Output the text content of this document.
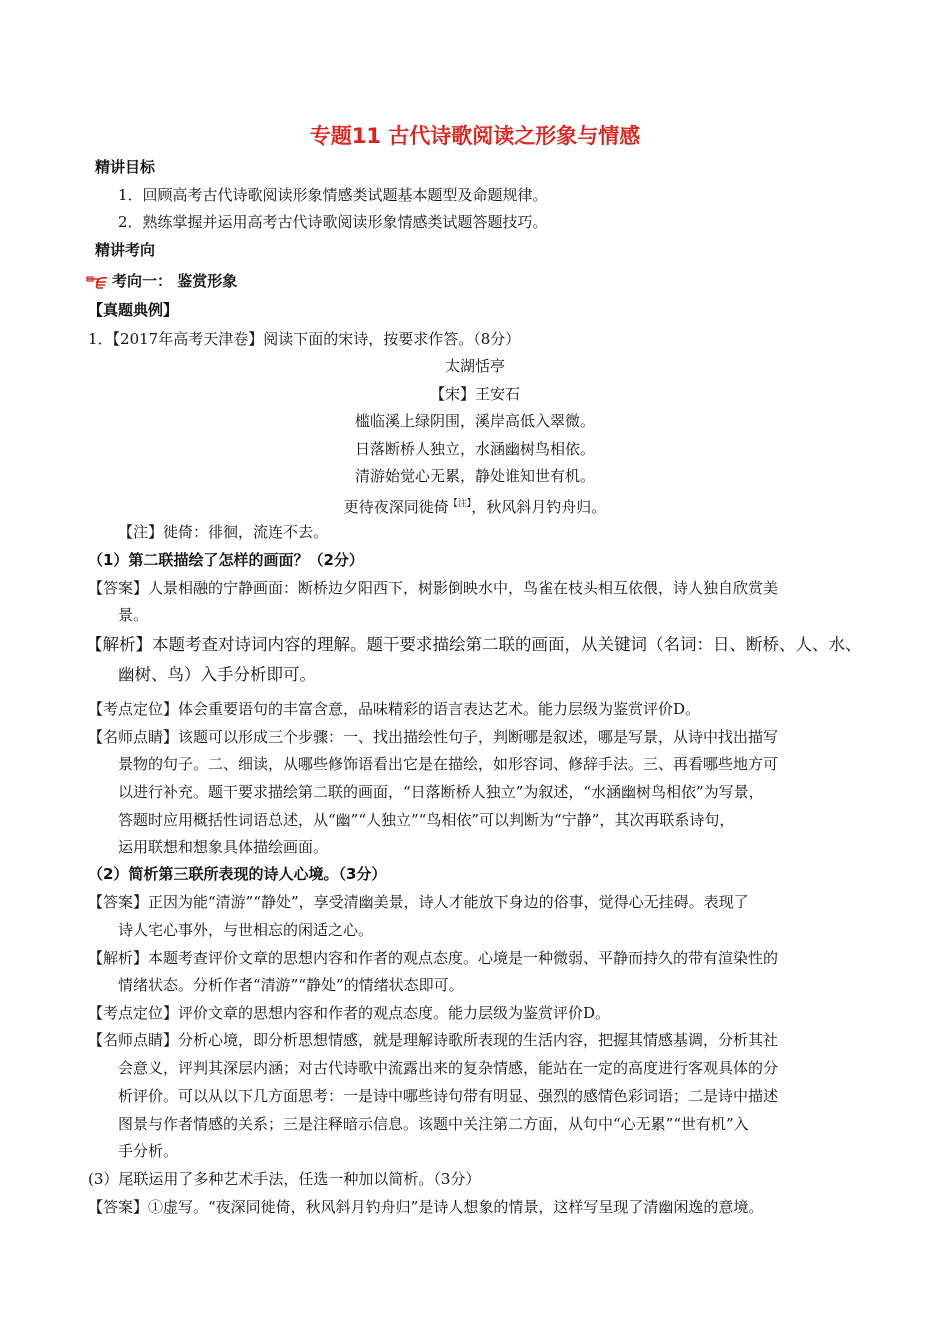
专题11 古代诗歌阅读之形象与情感
精讲目标
1．回顾高考古代诗歌阅读形象情感类试题基本题型及命题规律。
2．熟练掌握并运用高考古代诗歌阅读形象情感类试题答题技巧。
精讲考向
考向一： 鉴赏形象
【真题典例】
1．【2017年高考天津卷】阅读下面的宋诗，按要求作答。（8分）
太湖恬亭
【宋】王安石
槛临溪上绿阴围，溪岸高低入翠微。
日落断桥人独立，水涵幽树鸟相依。
清游始觉心无累，静处谁知世有机。
更待夜深同徙倚$^{【注】}$，秋风斜月钓舟归。
【注】徙倚：徘徊，流连不去。
（1）第二联描绘了怎样的画面？（2分）
【答案】人景相融的宁静画面：断桥边夕阳西下，树影倒映水中，鸟雀在枝头相互依偎，诗人独自欣赏美
景。
【解析】本题考查对诗词内容的理解。题干要求描绘第二联的画面，从关键词（名词：日、断桥、人、水、
幽树、鸟）入手分析即可。
【考点定位】体会重要语句的丰富含意，品味精彩的语言表达艺术。能力层级为鉴赏评价D。
【名师点睛】该题可以形成三个步骤：一、找出描绘性句子，判断哪是叙述，哪是写景，从诗中找出描写
景物的句子。二、细读，从哪些修饰语看出它是在描绘，如形容词、修辞手法。三、再看哪些地方可
以进行补充。题干要求描绘第二联的画面，“日落断桥人独立”为叙述，“水涵幽树鸟相依”为写景，
答题时应用概括性词语总述，从“幽”“人独立”“鸟相依”可以判断为“宁静”，其次再联系诗句，
运用联想和想象具体描绘画面。
（2）简析第三联所表现的诗人心境。（3分）
【答案】正因为能“清游”“静处”，享受清幽美景，诗人才能放下身边的俗事，觉得心无挂碍。表现了
诗人宅心事外，与世相忘的闲适之心。
【解析】本题考查评价文章的思想内容和作者的观点态度。心境是一种微弱、平静而持久的带有渲染性的
情绪状态。分析作者“清游”“静处”的情绪状态即可。
【考点定位】评价文章的思想内容和作者的观点态度。能力层级为鉴赏评价D。
【名师点睛】分析心境，即分析思想情感，就是理解诗歌所表现的生活内容，把握其情感基调，分析其社
会意义，评判其深层内涵；对古代诗歌中流露出来的复杂情感，能站在一定的高度进行客观具体的分
析评价。可以从以下几方面思考：一是诗中哪些诗句带有明显、强烈的感情色彩词语；二是诗中描述
图景与作者情感的关系；三是注释暗示信息。该题中关注第二方面，从句中“心无累”“世有机”入
手分析。
(3）尾联运用了多种艺术手法，任选一种加以简析。（3分）
【答案】①虚写。“夜深同徙倚，秋风斜月钓舟归”是诗人想象的情景，这样写呈现了清幽闲逸的意境。
